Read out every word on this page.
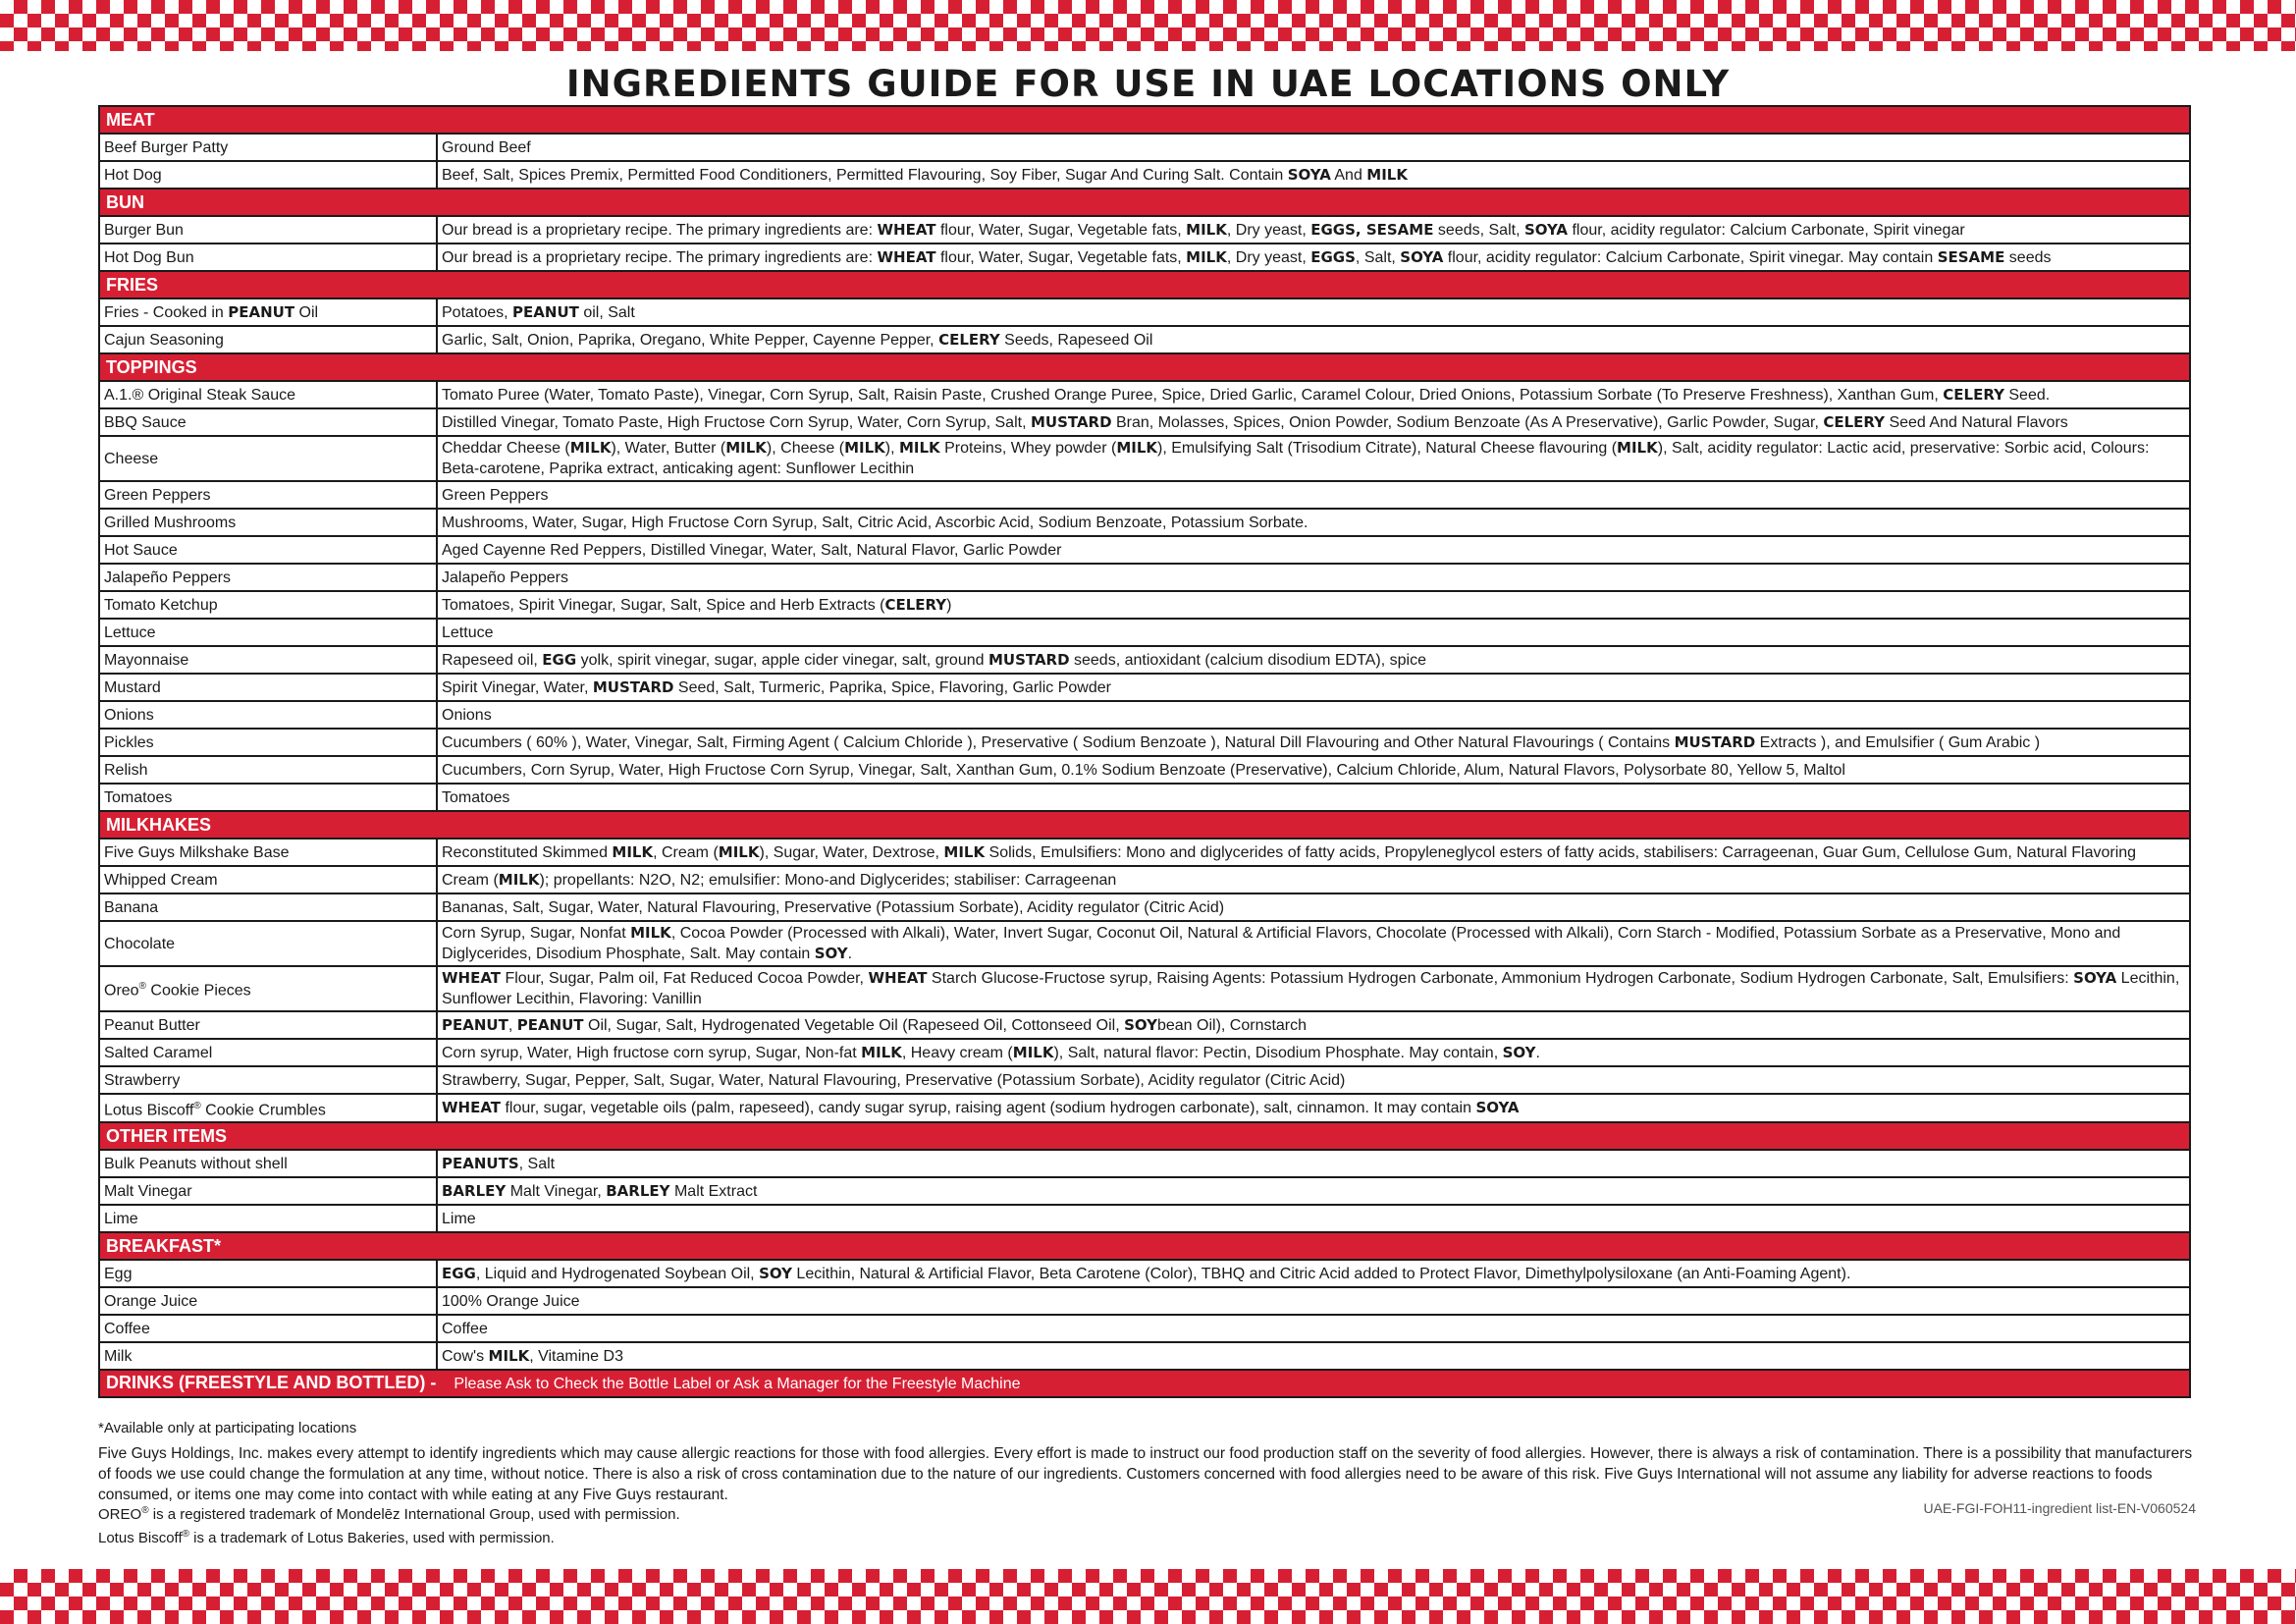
INGREDIENTS GUIDE FOR USE IN UAE LOCATIONS ONLY
MEAT	
Beef Burger Patty	Ground Beef
Hot Dog	Beef, Salt, Spices Premix, Permitted Food Conditioners, Permitted Flavouring, Soy Fiber, Sugar And Curing Salt. Contain SOYA And MILK
BUN	
Burger Bun	Our bread is a proprietary recipe. The primary ingredients are: WHEAT flour, Water, Sugar, Vegetable fats, MILK, Dry yeast, EGGS, SESAME seeds, Salt, SOYA flour, acidity regulator: Calcium Carbonate, Spirit vinegar
Hot Dog Bun	Our bread is a proprietary recipe. The primary ingredients are: WHEAT flour, Water, Sugar, Vegetable fats, MILK, Dry yeast, EGGS, Salt, SOYA flour, acidity regulator: Calcium Carbonate, Spirit vinegar. May contain SESAME seeds
FRIES	
Fries - Cooked in PEANUT Oil	Potatoes, PEANUT oil, Salt
Cajun Seasoning	Garlic, Salt, Onion, Paprika, Oregano, White Pepper, Cayenne Pepper, CELERY Seeds, Rapeseed Oil
TOPPINGS	
A.1.® Original Steak Sauce	Tomato Puree (Water, Tomato Paste), Vinegar, Corn Syrup, Salt, Raisin Paste, Crushed Orange Puree, Spice, Dried Garlic, Caramel Colour, Dried Onions, Potassium Sorbate (To Preserve Freshness), Xanthan Gum, CELERY Seed.
BBQ Sauce	Distilled Vinegar, Tomato Paste, High Fructose Corn Syrup, Water, Corn Syrup, Salt, MUSTARD Bran, Molasses, Spices, Onion Powder, Sodium Benzoate (As A Preservative), Garlic Powder, Sugar, CELERY Seed And Natural Flavors
Cheese	Cheddar Cheese (MILK), Water, Butter (MILK), Cheese (MILK), MILK Proteins, Whey powder (MILK), Emulsifying Salt (Trisodium Citrate), Natural Cheese flavouring (MILK), Salt, acidity regulator: Lactic acid, preservative: Sorbic acid, Colours: Beta-carotene, Paprika extract, anticaking agent: Sunflower Lecithin
Green Peppers	Green Peppers
Grilled Mushrooms	Mushrooms, Water, Sugar, High Fructose Corn Syrup, Salt, Citric Acid, Ascorbic Acid, Sodium Benzoate, Potassium Sorbate.
Hot Sauce	Aged Cayenne Red Peppers, Distilled Vinegar, Water, Salt, Natural Flavor, Garlic Powder
Jalapeño Peppers	Jalapeño Peppers
Tomato Ketchup	Tomatoes, Spirit Vinegar, Sugar, Salt, Spice and Herb Extracts (CELERY)
Lettuce	Lettuce
Mayonnaise	Rapeseed oil, EGG yolk, spirit vinegar, sugar, apple cider vinegar, salt, ground MUSTARD seeds, antioxidant (calcium disodium EDTA), spice
Mustard	Spirit Vinegar, Water, MUSTARD Seed, Salt, Turmeric, Paprika, Spice, Flavoring, Garlic Powder
Onions	Onions
Pickles	Cucumbers ( 60% ), Water, Vinegar, Salt, Firming Agent ( Calcium Chloride ), Preservative ( Sodium Benzoate ), Natural Dill Flavouring and Other Natural Flavourings ( Contains MUSTARD Extracts ), and Emulsifier ( Gum Arabic )
Relish	Cucumbers, Corn Syrup, Water, High Fructose Corn Syrup, Vinegar, Salt, Xanthan Gum, 0.1% Sodium Benzoate (Preservative), Calcium Chloride, Alum, Natural Flavors, Polysorbate 80, Yellow 5, Maltol
Tomatoes	Tomatoes
MILKHAKES	
Five Guys Milkshake Base	Reconstituted Skimmed MILK, Cream (MILK), Sugar, Water, Dextrose, MILK Solids, Emulsifiers: Mono and diglycerides of fatty acids, Propyleneglycol esters of fatty acids, stabilisers: Carrageenan, Guar Gum, Cellulose Gum, Natural Flavoring
Whipped Cream	Cream (MILK); propellants: N2O, N2; emulsifier: Mono-and Diglycerides; stabiliser: Carrageenan
Banana	Bananas, Salt, Sugar, Water, Natural Flavouring, Preservative (Potassium Sorbate), Acidity regulator (Citric Acid)
Chocolate	Corn Syrup, Sugar, Nonfat MILK, Cocoa Powder (Processed with Alkali), Water, Invert Sugar, Coconut Oil, Natural & Artificial Flavors, Chocolate (Processed with Alkali), Corn Starch - Modified, Potassium Sorbate as a Preservative, Mono and Diglycerides, Disodium Phosphate, Salt. May contain SOY.
Oreo® Cookie Pieces	WHEAT Flour, Sugar, Palm oil, Fat Reduced Cocoa Powder, WHEAT Starch Glucose-Fructose syrup, Raising Agents: Potassium Hydrogen Carbonate, Ammonium Hydrogen Carbonate, Sodium Hydrogen Carbonate, Salt, Emulsifiers: SOYA Lecithin, Sunflower Lecithin, Flavoring: Vanillin
Peanut Butter	PEANUT, PEANUT Oil, Sugar, Salt, Hydrogenated Vegetable Oil (Rapeseed Oil, Cottonseed Oil, SOYbean Oil), Cornstarch
Salted Caramel	Corn syrup, Water, High fructose corn syrup, Sugar, Non-fat MILK, Heavy cream (MILK), Salt, natural flavor: Pectin, Disodium Phosphate. May contain, SOY.
Strawberry	Strawberry, Sugar, Pepper, Salt, Sugar, Water, Natural Flavouring, Preservative (Potassium Sorbate), Acidity regulator (Citric Acid)
Lotus Biscoff® Cookie Crumbles	WHEAT flour, sugar, vegetable oils (palm, rapeseed), candy sugar syrup, raising agent (sodium hydrogen carbonate), salt, cinnamon. It may contain SOYA
OTHER ITEMS	
Bulk Peanuts without shell	PEANUTS, Salt
Malt Vinegar	BARLEY Malt Vinegar, BARLEY Malt Extract
Lime	Lime
BREAKFAST*	
Egg	EGG, Liquid and Hydrogenated Soybean Oil, SOY Lecithin, Natural & Artificial Flavor, Beta Carotene (Color), TBHQ and Citric Acid added to Protect Flavor, Dimethylpolysiloxane (an Anti-Foaming Agent).
Orange Juice	100% Orange Juice
Coffee	Coffee
Milk	Cow's MILK, Vitamine D3
DRINKS (FREESTYLE AND BOTTLED) - Please Ask to Check the Bottle Label or Ask a Manager for the Freestyle Machine	
*Available only at participating locations
Five Guys Holdings, Inc. makes every attempt to identify ingredients which may cause allergic reactions for those with food allergies. Every effort is made to instruct our food production staff on the severity of food allergies. However, there is always a risk of contamination. There is a possibility that manufacturers of foods we use could change the formulation at any time, without notice. There is also a risk of cross contamination due to the nature of our ingredients. Customers concerned with food allergies need to be aware of this risk. Five Guys International will not assume any liability for adverse reactions to foods consumed, or items one may come into contact with while eating at any Five Guys restaurant.
OREO® is a registered trademark of Mondelēz International Group, used with permission.
Lotus Biscoff® is a trademark of Lotus Bakeries, used with permission.
UAE-FGI-FOH11-ingredient list-EN-V060524
